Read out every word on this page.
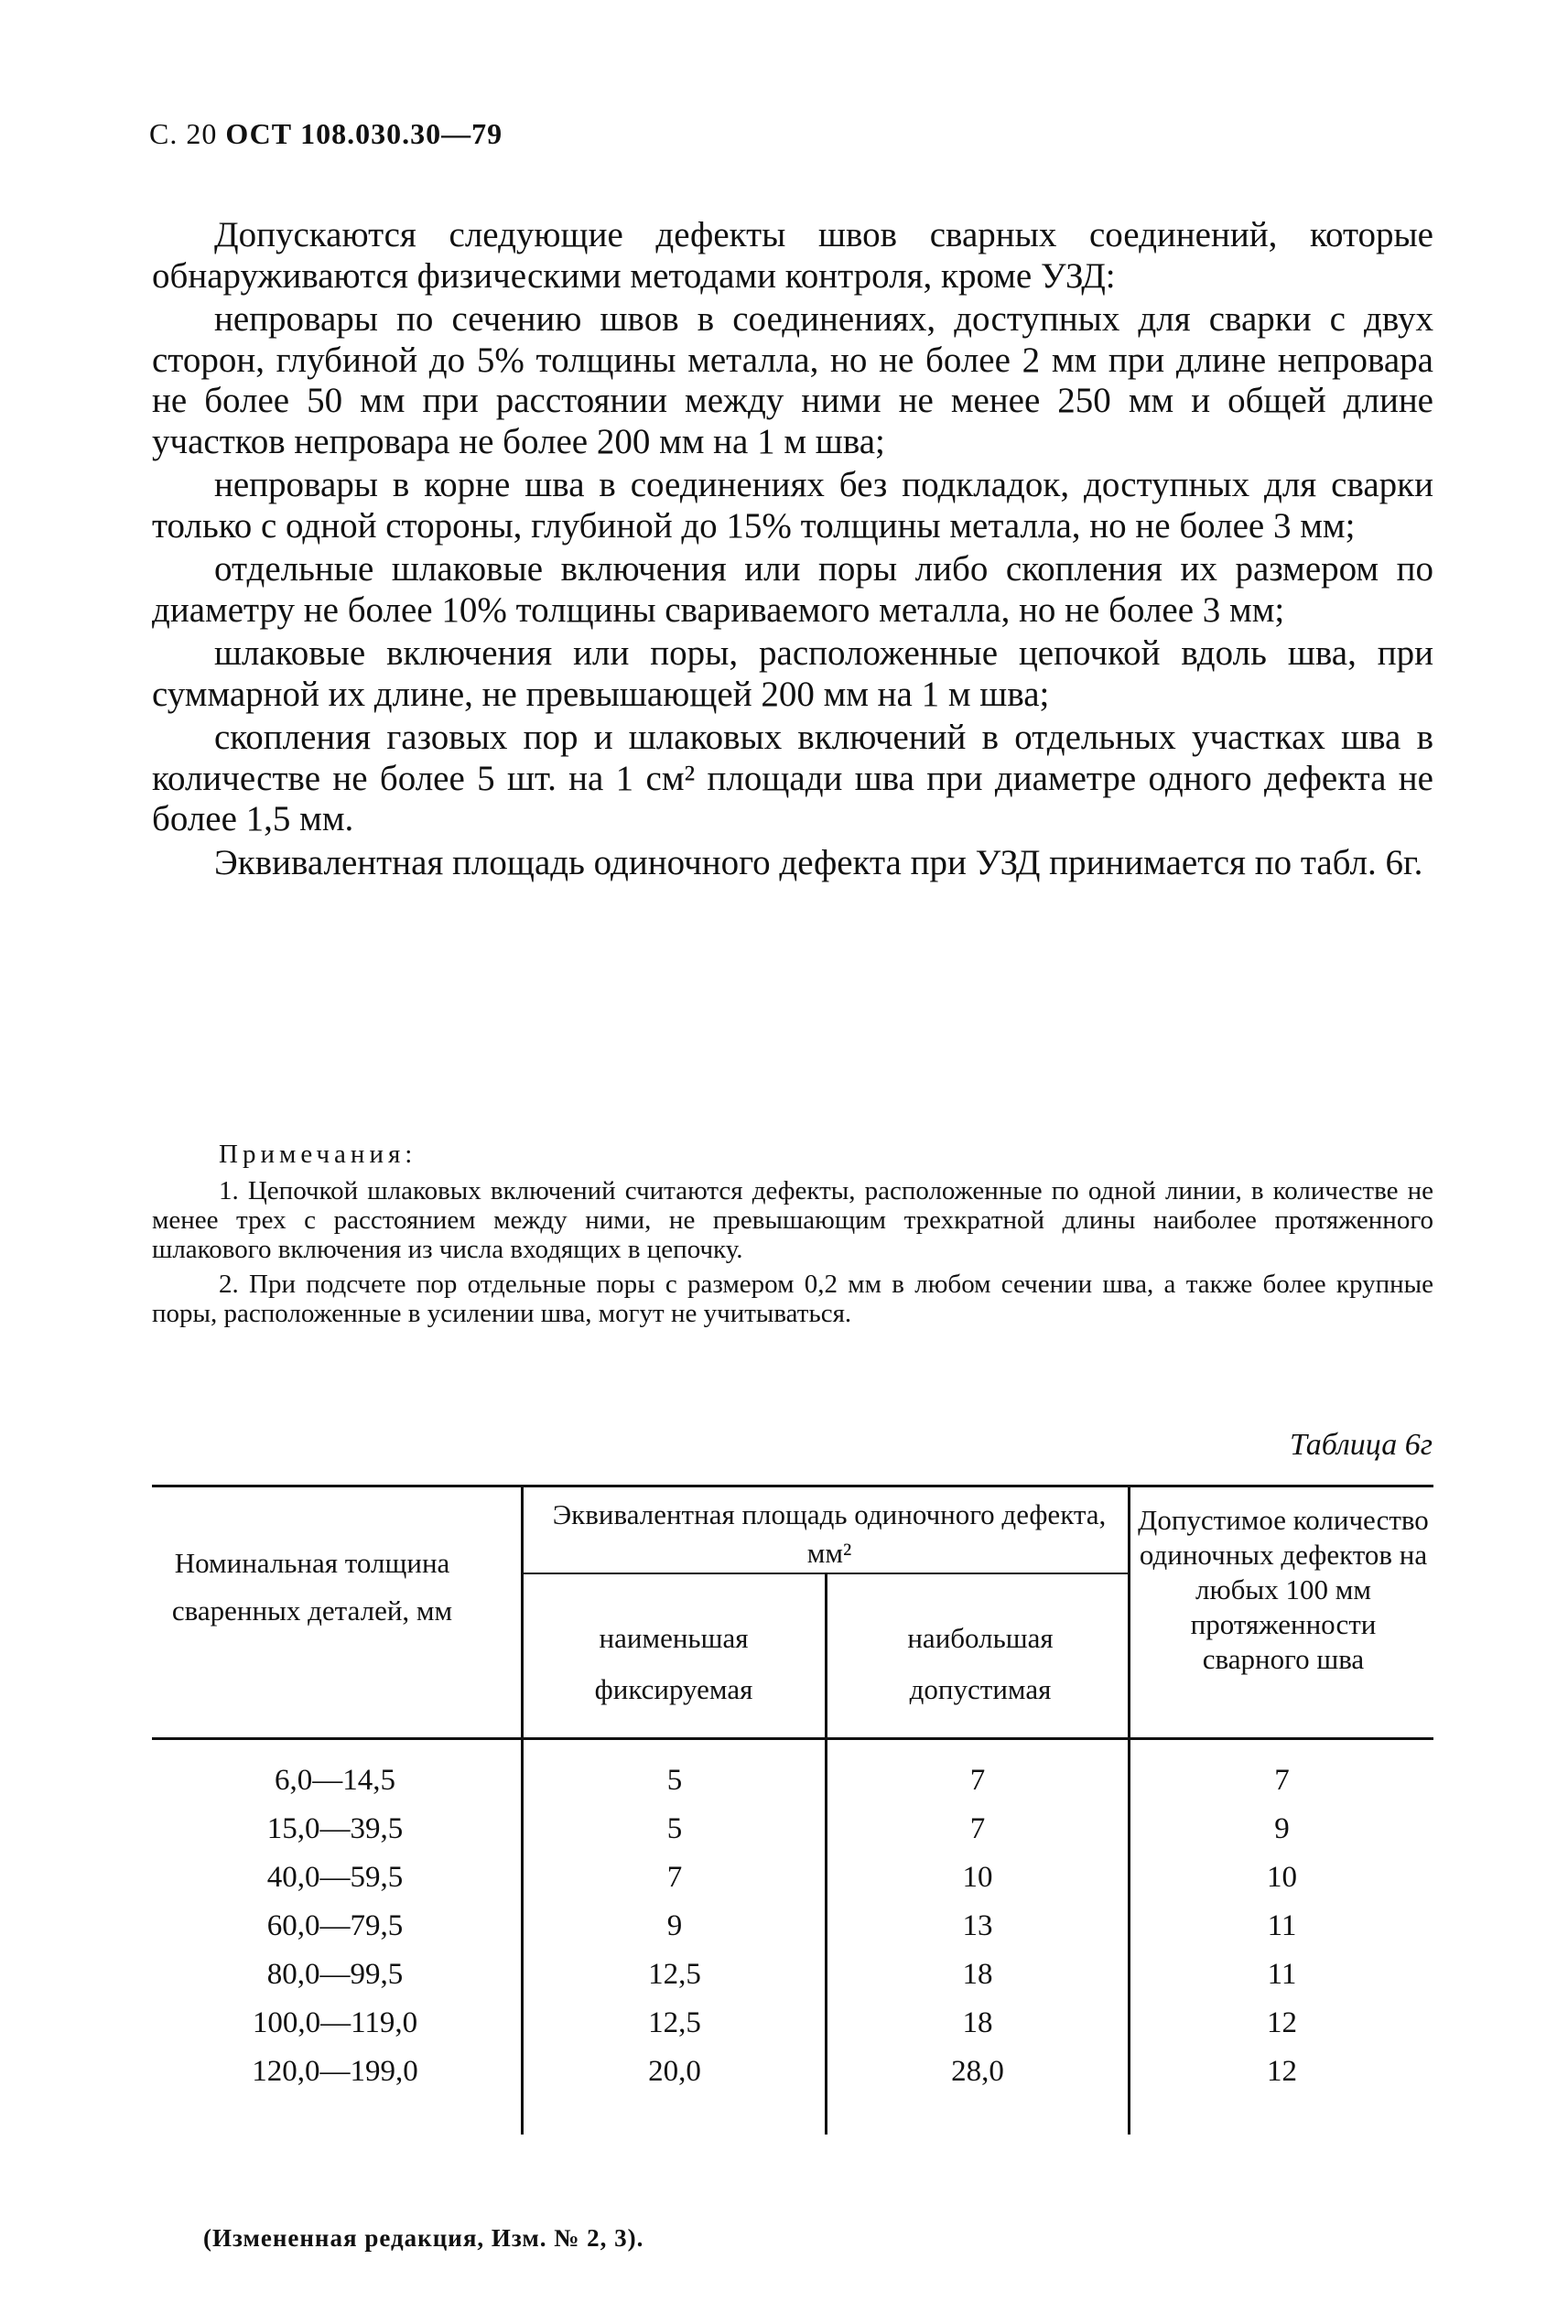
С. 20 ОСТ 108.030.30—79

Допускаются следующие дефекты швов сварных соединений, которые обнаруживаются физическими методами контроля, кроме УЗД:

непровары по сечению швов в соединениях, доступных для сварки с двух сторон, глубиной до 5% толщины металла, но не более 2 мм при длине непровара не более 50 мм при расстоянии между ними не менее 250 мм и общей длине участков непровара не более 200 мм на 1 м шва;

непровары в корне шва в соединениях без подкладок, доступных для сварки только с одной стороны, глубиной до 15% толщины металла, но не более 3 мм;

отдельные шлаковые включения или поры либо скопления их размером по диаметру не более 10% толщины свариваемого металла, но не более 3 мм;

шлаковые включения или поры, расположенные цепочкой вдоль шва, при суммарной их длине, не превышающей 200 мм на 1 м шва;

скопления газовых пор и шлаковых включений в отдельных участках шва в количестве не более 5 шт. на 1 см² площади шва при диаметре одного дефекта не более 1,5 мм.

Эквивалентная площадь одиночного дефекта при УЗД принимается по табл. 6г.

Примечания:

1. Цепочкой шлаковых включений считаются дефекты, расположенные по одной линии, в количестве не менее трех с расстоянием между ними, не превышающим трехкратной длины наиболее протяженного шлакового включения из числа входящих в цепочку.

2. При подсчете пор отдельные поры с размером 0,2 мм в любом сечении шва, а также более крупные поры, расположенные в усилении шва, могут не учитываться.

Таблица 6г
Номинальная толщина сваренных деталей, мм
Эквивалентная площадь одиночного дефекта, мм²
наименьшая фиксируемая
наибольшая допустимая
Допустимое количество одиночных дефектов на любых 100 мм протяженности сварного шва
6,0—14,5	5	7	7
15,0—39,5	5	7	9
40,0—59,5	7	10	10
60,0—79,5	9	13	11
80,0—99,5	12,5	18	11
100,0—119,0	12,5	18	12
120,0—199,0	20,0	28,0	12
(Измененная редакция, Изм. № 2, 3).
